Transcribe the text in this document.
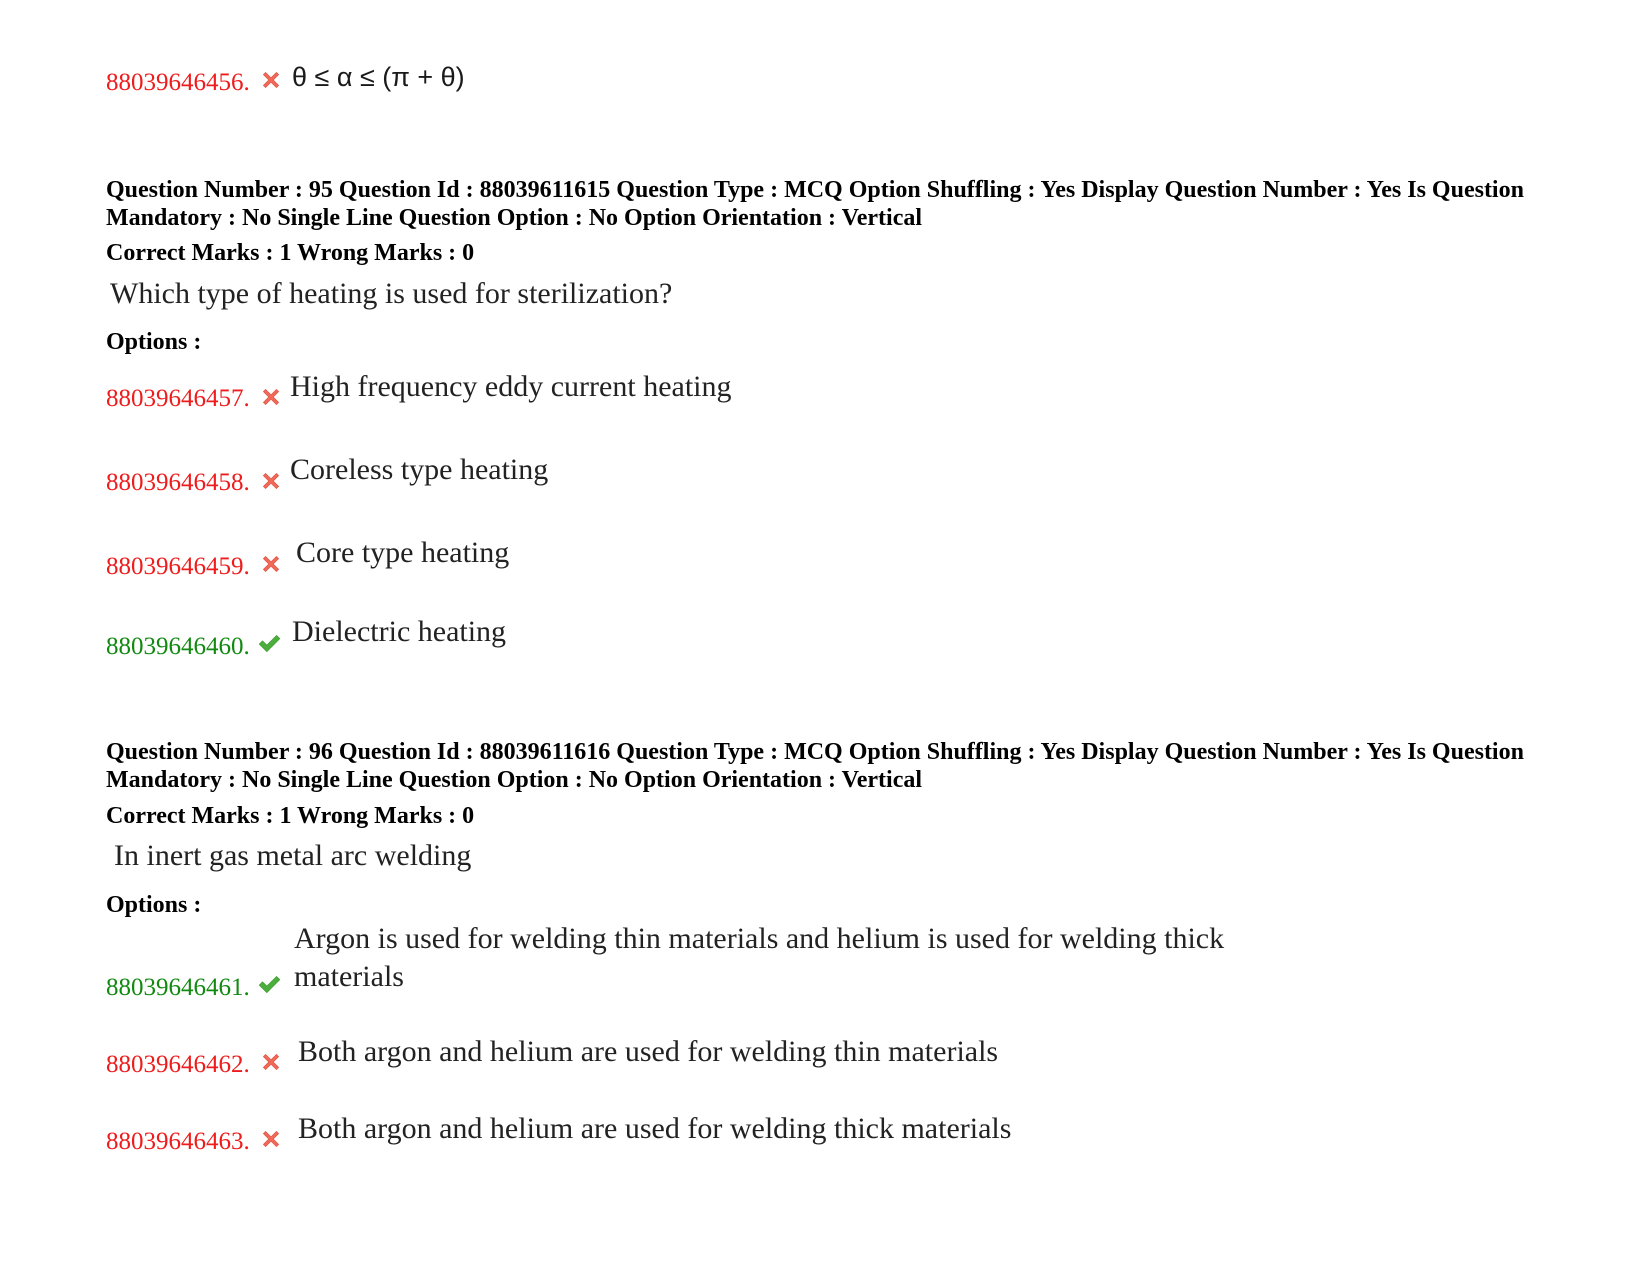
88039646456. θ ≤ α ≤ (π + θ)
Question Number : 95 Question Id : 88039611615 Question Type : MCQ Option Shuffling : Yes Display Question Number : Yes Is Question Mandatory : No Single Line Question Option : No Option Orientation : Vertical
Correct Marks : 1 Wrong Marks : 0
Which type of heating is used for sterilization?
Options :
88039646457. High frequency eddy current heating
88039646458. Coreless type heating
88039646459. Core type heating
88039646460. Dielectric heating
Question Number : 96 Question Id : 88039611616 Question Type : MCQ Option Shuffling : Yes Display Question Number : Yes Is Question Mandatory : No Single Line Question Option : No Option Orientation : Vertical
Correct Marks : 1 Wrong Marks : 0
In inert gas metal arc welding
Options :
88039646461.
Argon is used for welding thin materials and helium is used for welding thick materials
88039646462. Both argon and helium are used for welding thin materials
88039646463. Both argon and helium are used for welding thick materials
